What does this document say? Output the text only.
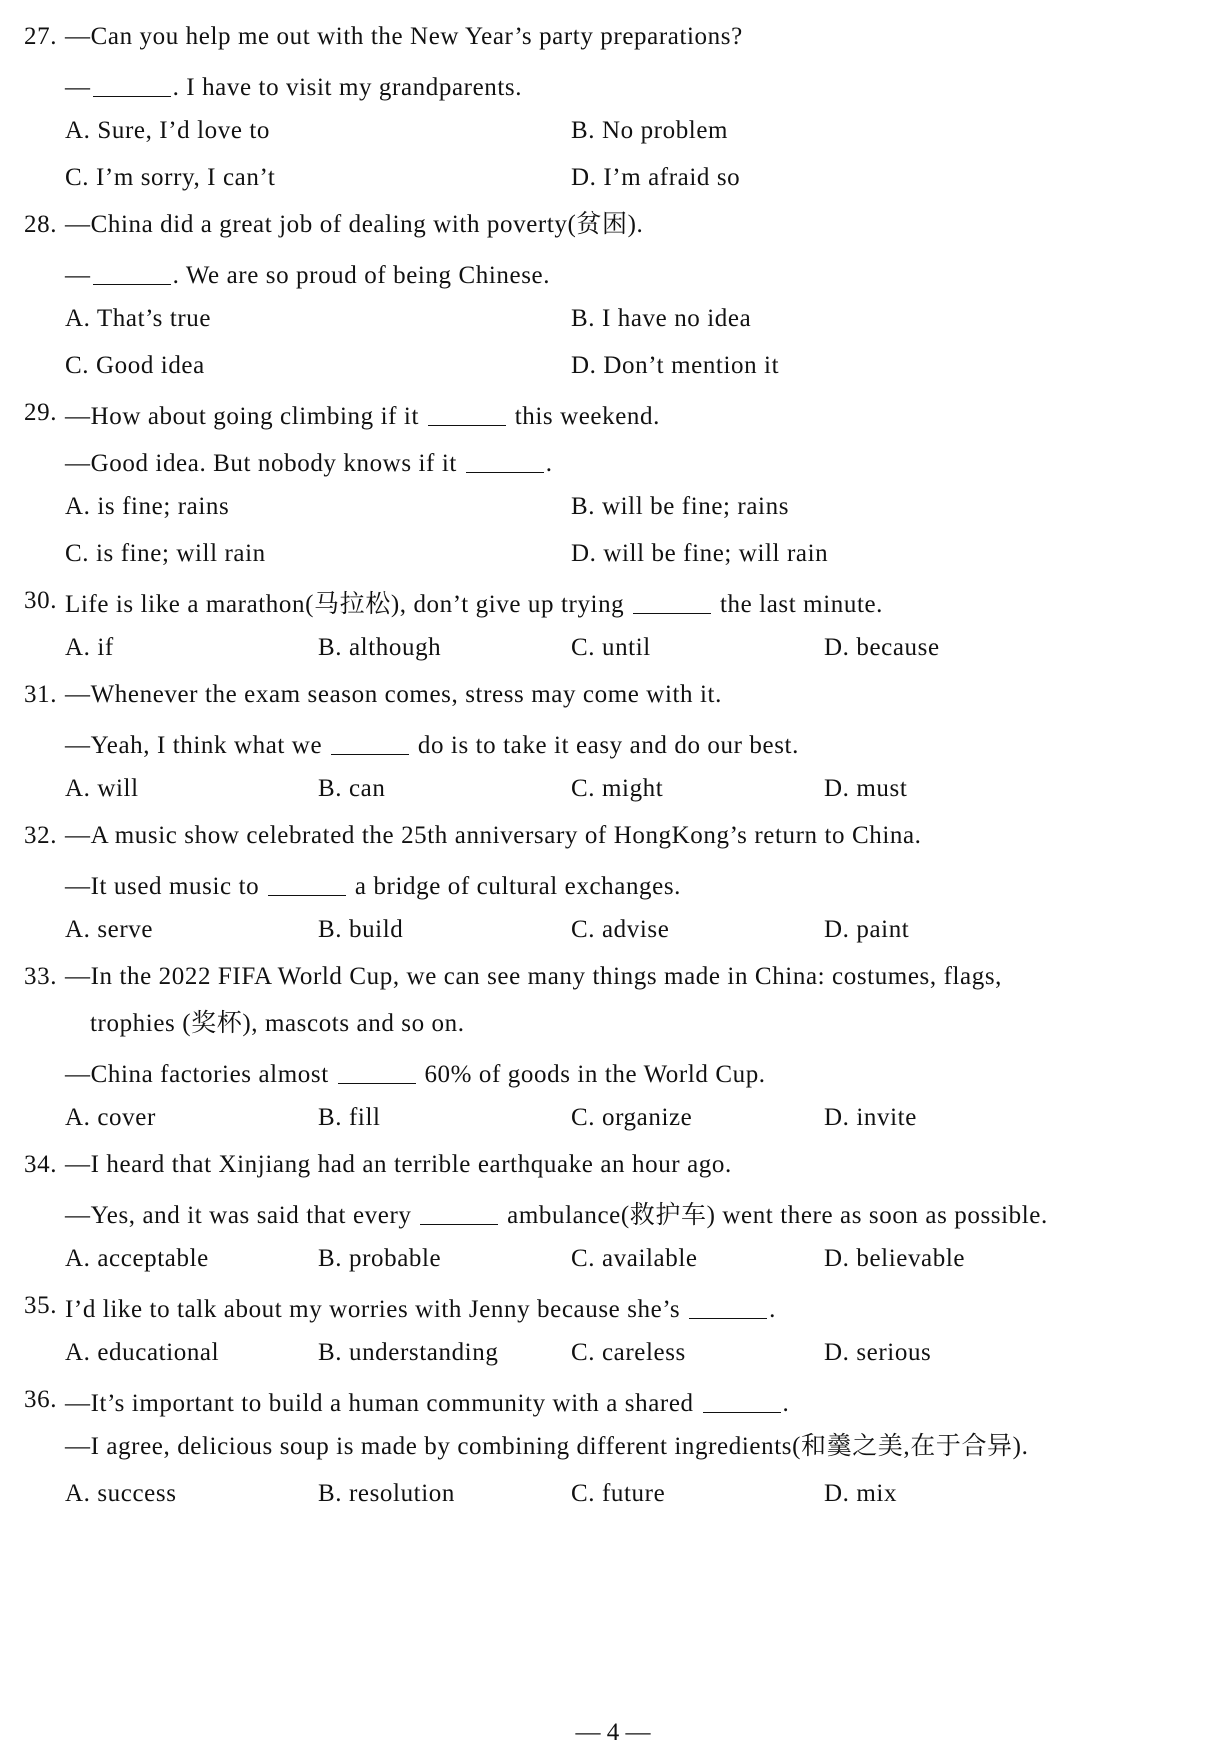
27. —Can you help me out with the New Year’s party preparations?
—	. I have to visit my grandparents.
A. Sure, I’d love to	B. No problem
C. I’m sorry, I can’t	D. I’m afraid so
28. —China did a great job of dealing with poverty(贫困).
—	. We are so proud of being Chinese.
A. That’s true	B. I have no idea
C. Good idea	D. Don’t mention it
29. —How about going climbing if it	this weekend.
—Good idea. But nobody knows if it	.
A. is fine; rains	B. will be fine; rains
C. is fine; will rain	D. will be fine; will rain
30. Life is like a marathon(马拉松), don’t give up trying	the last minute.
A. if	B. although	C. until	D. because
31. —Whenever the exam season comes, stress may come with it.
—Yeah, I think what we	do is to take it easy and do our best.
A. will	B. can	C. might	D. must
32. —A music show celebrated the 25th anniversary of HongKong’s return to China.
—It used music to	a bridge of cultural exchanges.
A. serve	B. build	C. advise	D. paint
33. —In the 2022 FIFA World Cup, we can see many things made in China: costumes, flags,
trophies (奖杯), mascots and so on.
—China factories almost	60% of goods in the World Cup.
A. cover	B. fill	C. organize	D. invite
34. —I heard that Xinjiang had an terrible earthquake an hour ago.
—Yes, and it was said that every	ambulance(救护车) went there as soon as possible.
A. acceptable	B. probable	C. available	D. believable
35. I’d like to talk about my worries with Jenny because she’s	.
A. educational	B. understanding	C. careless	D. serious
36. —It’s important to build a human community with a shared	.
—I agree, delicious soup is made by combining different ingredients(和羹之美,在于合异).
A. success	B. resolution	C. future	D. mix
— 4 —
